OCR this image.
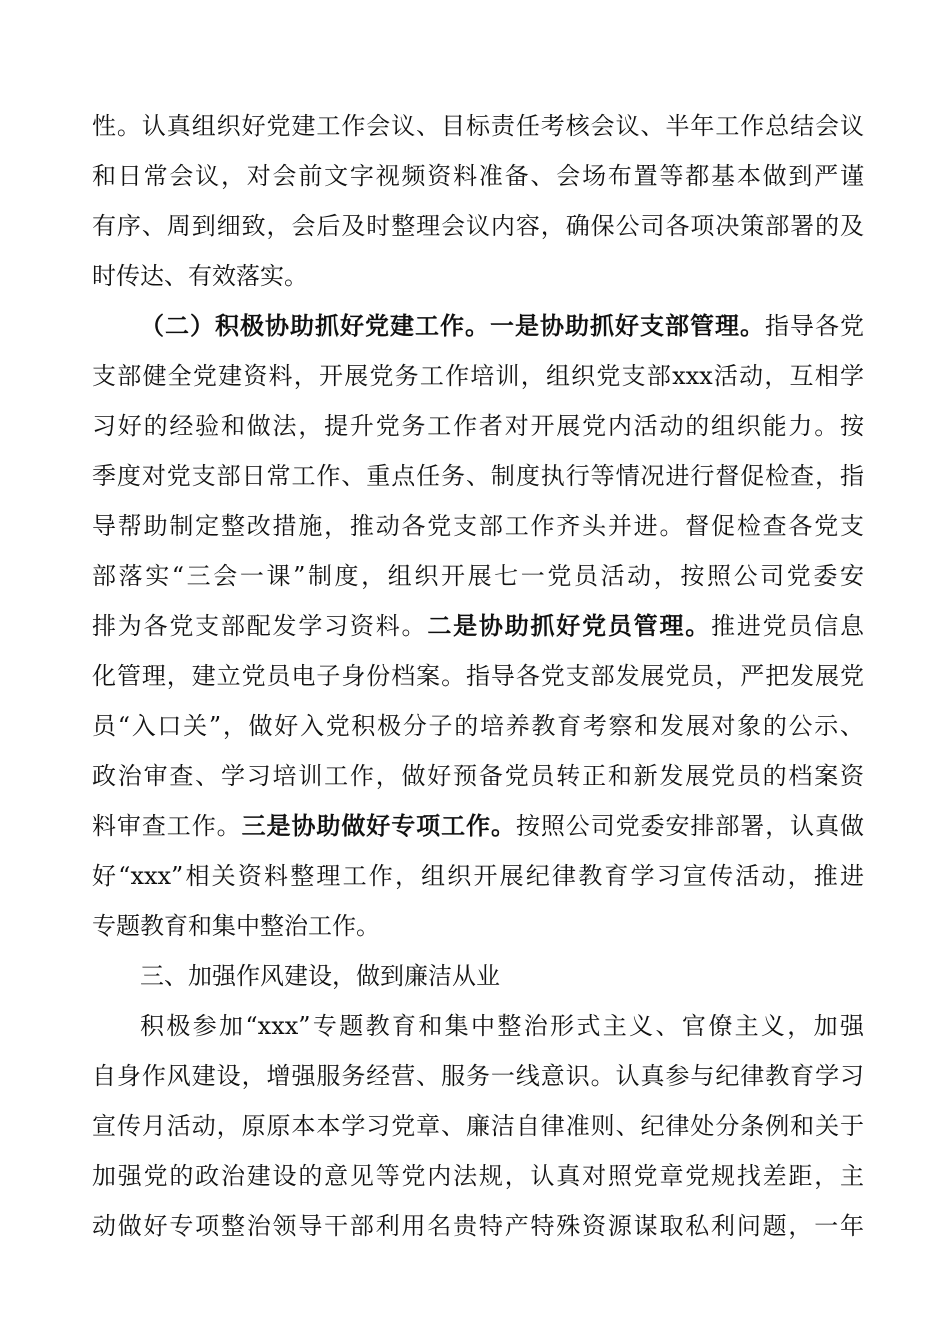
性。认真组织好党建工作会议、目标责任考核会议、半年工作总结会议
和日常会议，对会前文字视频资料准备、会场布置等都基本做到严谨
有序、周到细致，会后及时整理会议内容，确保公司各项决策部署的及
时传达、有效落实。
（二）积极协助抓好党建工作。一是协助抓好支部管理。指导各党
支部健全党建资料，开展党务工作培训，组织党支部xxx活动，互相学
习好的经验和做法，提升党务工作者对开展党内活动的组织能力。按
季度对党支部日常工作、重点任务、制度执行等情况进行督促检查，指
导帮助制定整改措施，推动各党支部工作齐头并进。督促检查各党支
部落实“三会一课”制度，组织开展七一党员活动，按照公司党委安
排为各党支部配发学习资料。二是协助抓好党员管理。推进党员信息
化管理，建立党员电子身份档案。指导各党支部发展党员，严把发展党
员“入口关”，做好入党积极分子的培养教育考察和发展对象的公示、
政治审查、学习培训工作，做好预备党员转正和新发展党员的档案资
料审查工作。三是协助做好专项工作。按照公司党委安排部署，认真做
好“xxx”相关资料整理工作，组织开展纪律教育学习宣传活动，推进
专题教育和集中整治工作。
三、加强作风建设，做到廉洁从业
积极参加“xxx”专题教育和集中整治形式主义、官僚主义，加强
自身作风建设，增强服务经营、服务一线意识。认真参与纪律教育学习
宣传月活动，原原本本学习党章、廉洁自律准则、纪律处分条例和关于
加强党的政治建设的意见等党内法规，认真对照党章党规找差距，主
动做好专项整治领导干部利用名贵特产特殊资源谋取私利问题，一年
